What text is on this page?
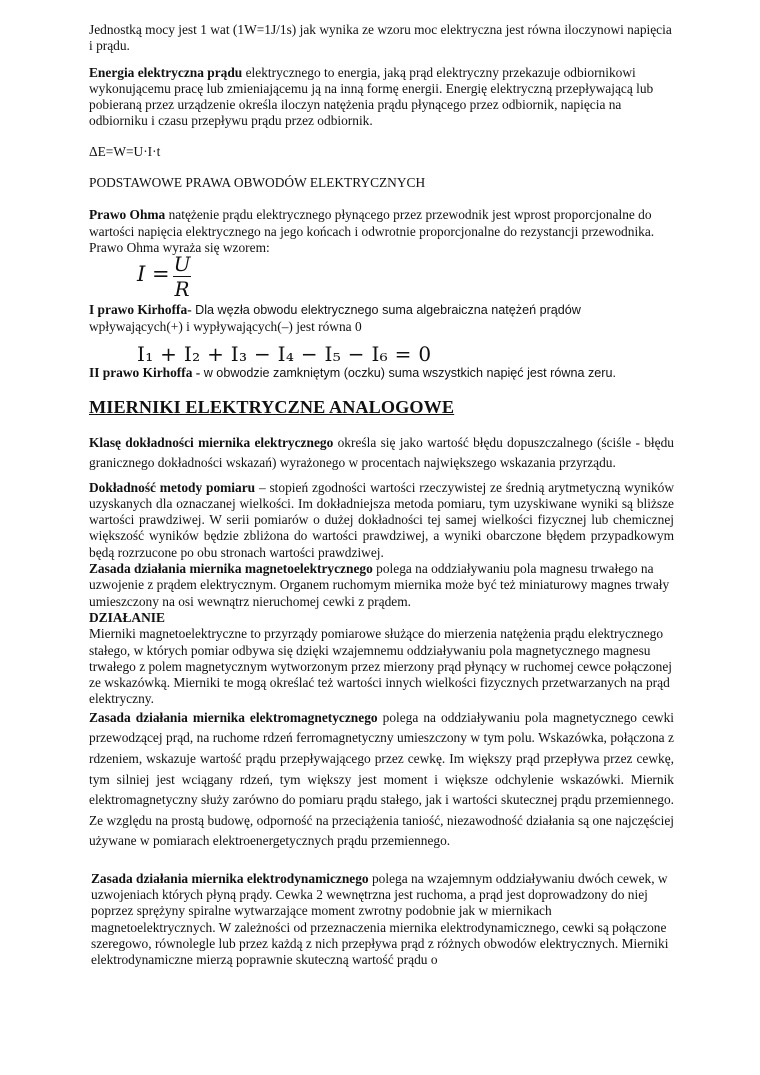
Jednostką mocy jest 1 wat (1W=1J/1s) jak wynika ze wzoru moc elektryczna jest równa iloczynowi napięcia i prądu.

Energia elektryczna prądu elektrycznego to energia, jaką prąd elektryczny przekazuje odbiornikowi wykonującemu pracę lub zmieniającemu ją na inną formę energii. Energię elektryczną przepływającą lub pobieraną przez urządzenie określa iloczyn natężenia prądu płynącego przez odbiornik, napięcia na odbiorniku i czasu przepływu prądu przez odbiornik.

ΔE=W=U·I·t

PODSTAWOWE PRAWA OBWODÓW ELEKTRYCZNYCH

Prawo Ohma natężenie prądu elektrycznego płynącego przez przewodnik jest wprost proporcjonalne do wartości napięcia elektrycznego na jego końcach i odwrotnie proporcjonalne do rezystancji przewodnika. Prawo Ohma wyraża się wzorem:

I = U
R

I prawo Kirhoffa- Dla węzła obwodu elektrycznego suma algebraiczna natężeń prądów
wpływających(+) i wypływających(–) jest równa 0

I₁ + I₂ + I₃ − I₄ − I₅ − I₆ = 0

II prawo Kirhoffa - w obwodzie zamkniętym (oczku) suma wszystkich napięć jest równa zeru.

MIERNIKI ELEKTRYCZNE ANALOGOWE

Klasę dokładności miernika elektrycznego określa się jako wartość błędu dopuszczalnego (ściśle - błędu granicznego dokładności wskazań) wyrażonego w procentach największego wskazania przyrządu.

Dokładność metody pomiaru – stopień zgodności wartości rzeczywistej ze średnią arytmetyczną wyników uzyskanych dla oznaczanej wielkości. Im dokładniejsza metoda pomiaru, tym uzyskiwane wyniki są bliższe wartości prawdziwej. W serii pomiarów o dużej dokładności tej samej wielkości fizycznej lub chemicznej większość wyników będzie zbliżona do wartości prawdziwej, a wyniki obarczone błędem przypadkowym będą rozrzucone po obu stronach wartości prawdziwej.

Zasada działania miernika magnetoelektrycznego polega na oddziaływaniu pola magnesu trwałego na uzwojenie z prądem elektrycznym. Organem ruchomym miernika może być też miniaturowy magnes trwały umieszczony na osi wewnątrz nieruchomej cewki z prądem.

DZIAŁANIE

Mierniki magnetoelektryczne to przyrządy pomiarowe służące do mierzenia natężenia prądu elektrycznego stałego, w których pomiar odbywa się dzięki wzajemnemu oddziaływaniu pola magnetycznego magnesu trwałego z polem magnetycznym wytworzonym przez mierzony prąd płynący w ruchomej cewce połączonej ze wskazówką. Mierniki te mogą określać też wartości innych wielkości fizycznych przetwarzanych na prąd elektryczny.

Zasada działania miernika elektromagnetycznego polega na oddziaływaniu pola magnetycznego cewki przewodzącej prąd, na ruchome rdzeń ferromagnetyczny umieszczony w tym polu. Wskazówka, połączona z rdzeniem, wskazuje wartość prądu przepływającego przez cewkę. Im większy prąd przepływa przez cewkę, tym silniej jest wciągany rdzeń, tym większy jest moment i większe odchylenie wskazówki. Miernik elektromagnetyczny służy zarówno do pomiaru prądu stałego, jak i wartości skutecznej prądu przemiennego. Ze względu na prostą budowę, odporność na przeciążenia taniość, niezawodność działania są one najczęściej używane w pomiarach elektroenergetycznych prądu przemiennego.

Zasada działania miernika elektrodynamicznego polega na wzajemnym oddziaływaniu dwóch cewek, w uzwojeniach których płyną prądy. Cewka 2 wewnętrzna jest ruchoma, a prąd jest doprowadzony do niej poprzez sprężyny spiralne wytwarzające moment zwrotny podobnie jak w miernikach magnetoelektrycznych. W zależności od przeznaczenia miernika elektrodynamicznego, cewki są połączone szeregowo, równolegle lub przez każdą z nich przepływa prąd z różnych obwodów elektrycznych. Mierniki elektrodynamiczne mierzą poprawnie skuteczną wartość prądu o
